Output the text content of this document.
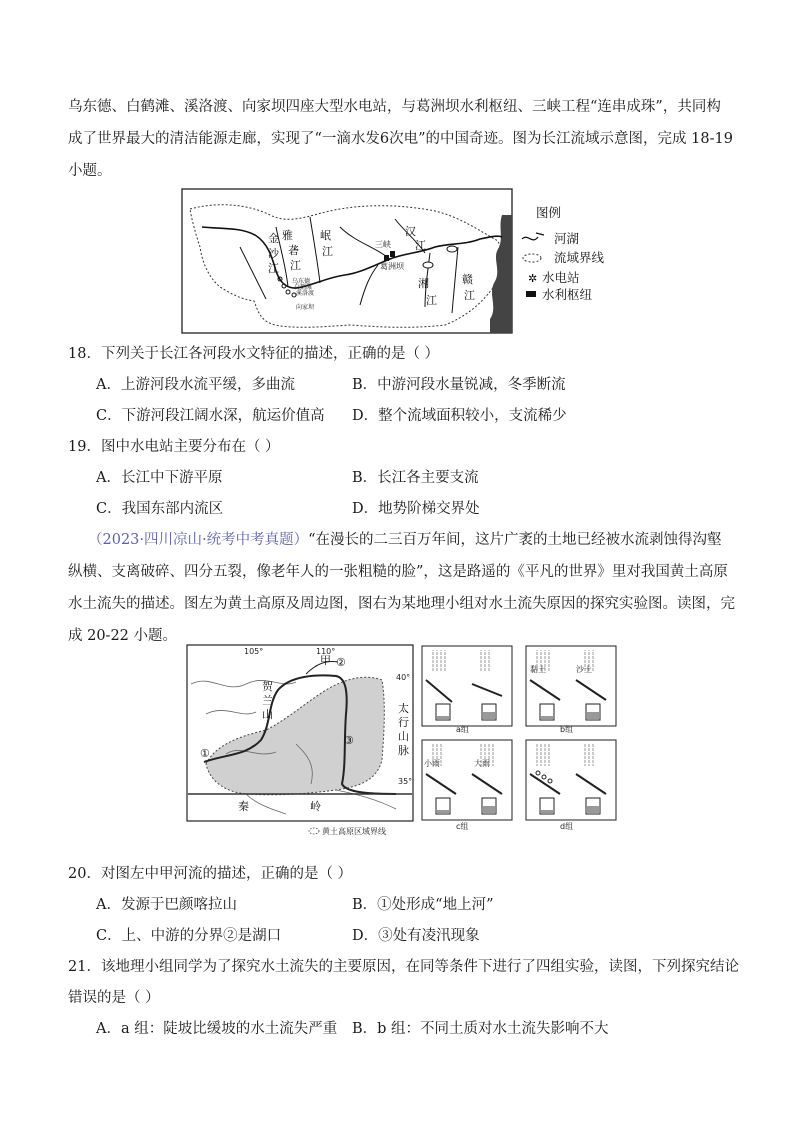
乌东德、白鹤滩、溪洛渡、向家坝四座大型水电站，与葛洲坝水利枢纽、三峡工程“连串成珠”，共同构
成了世界最大的清洁能源走廊，实现了“一滴水发6次电”的中国奇迹。图为长江流域示意图，完成 18-19
小题。
金
沙
江
雅
砻
江
岷
江
汉
江
湘
江
赣
江
三峡
葛洲坝
乌东德
白鹤滩
溪洛渡
向家坝
图例
河湖
流域界线
✲ 水电站
水利枢纽
18．下列关于长江各河段水文特征的描述，正确的是（ ）
A．上游河段水流平缓，多曲流	B．中游河段水量锐减，冬季断流
C．下游河段江阔水深，航运价值高 D．整个流域面积较小，支流稀少
19．图中水电站主要分布在（ ）
A．长江中下游平原	B．长江各主要支流
C．我国东部内流区	D．地势阶梯交界处
（2023·四川凉山·统考中考真题）“在漫长的二三百万年间，这片广袤的土地已经被水流剥蚀得沟壑
纵横、支离破碎、四分五裂，像老年人的一张粗糙的脸”，这是路遥的《平凡的世界》里对我国黄土高原
水土流失的描述。图左为黄土高原及周边图，图右为某地理小组对水土流失原因的探究实验图。读图，完
成 20-22 小题。
105°	110°
40°
35°
甲 ②
①
③
贺
兰
山	太
行
山
脉
秦	岭
黄土高原区域界线
a组
黏土	沙土
b组
小雨	大雨
c组	d组
20．对图左中甲河流的描述，正确的是（ ）
A．发源于巴颜喀拉山	B．①处形成“地上河”
C．上、中游的分界②是湖口	D．③处有凌汛现象
21．该地理小组同学为了探究水土流失的主要原因，在同等条件下进行了四组实验，读图，下列探究结论
错误的是（ ）
A．a 组：陡坡比缓坡的水土流失严重 B．b 组：不同土质对水土流失影响不大
